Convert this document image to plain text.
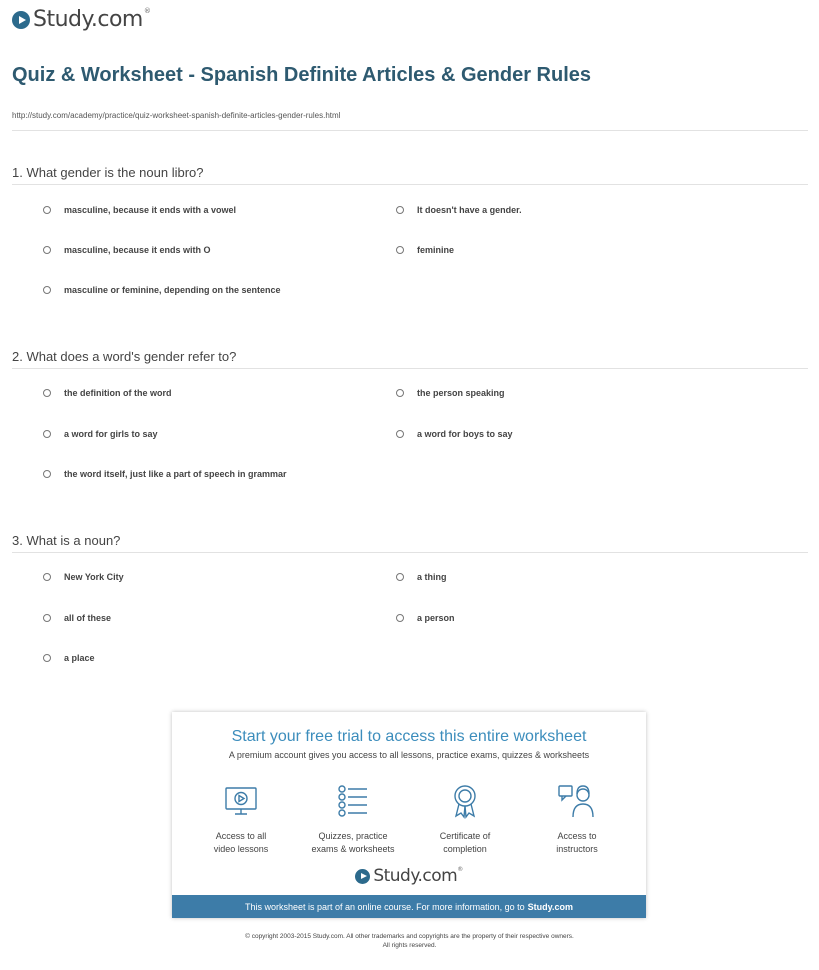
Study.com®
Quiz & Worksheet - Spanish Definite Articles & Gender Rules
http://study.com/academy/practice/quiz-worksheet-spanish-definite-articles-gender-rules.html
1. What gender is the noun libro?
masculine, because it ends with a vowel	It doesn't have a gender.
masculine, because it ends with O	feminine
masculine or feminine, depending on the sentence
2. What does a word's gender refer to?
the definition of the word	the person speaking
a word for girls to say	a word for boys to say
the word itself, just like a part of speech in grammar
3. What is a noun?
New York City	a thing
all of these	a person
a place
Start your free trial to access this entire worksheet
A premium account gives you access to all lessons, practice exams, quizzes & worksheets
Access to all
video lessons
Quizzes, practice
exams & worksheets
Certificate of
completion
Access to
instructors
Study.com®
This worksheet is part of an online course. For more information, go to Study.com
© copyright 2003-2015 Study.com. All other trademarks and copyrights are the property of their respective owners.
All rights reserved.
